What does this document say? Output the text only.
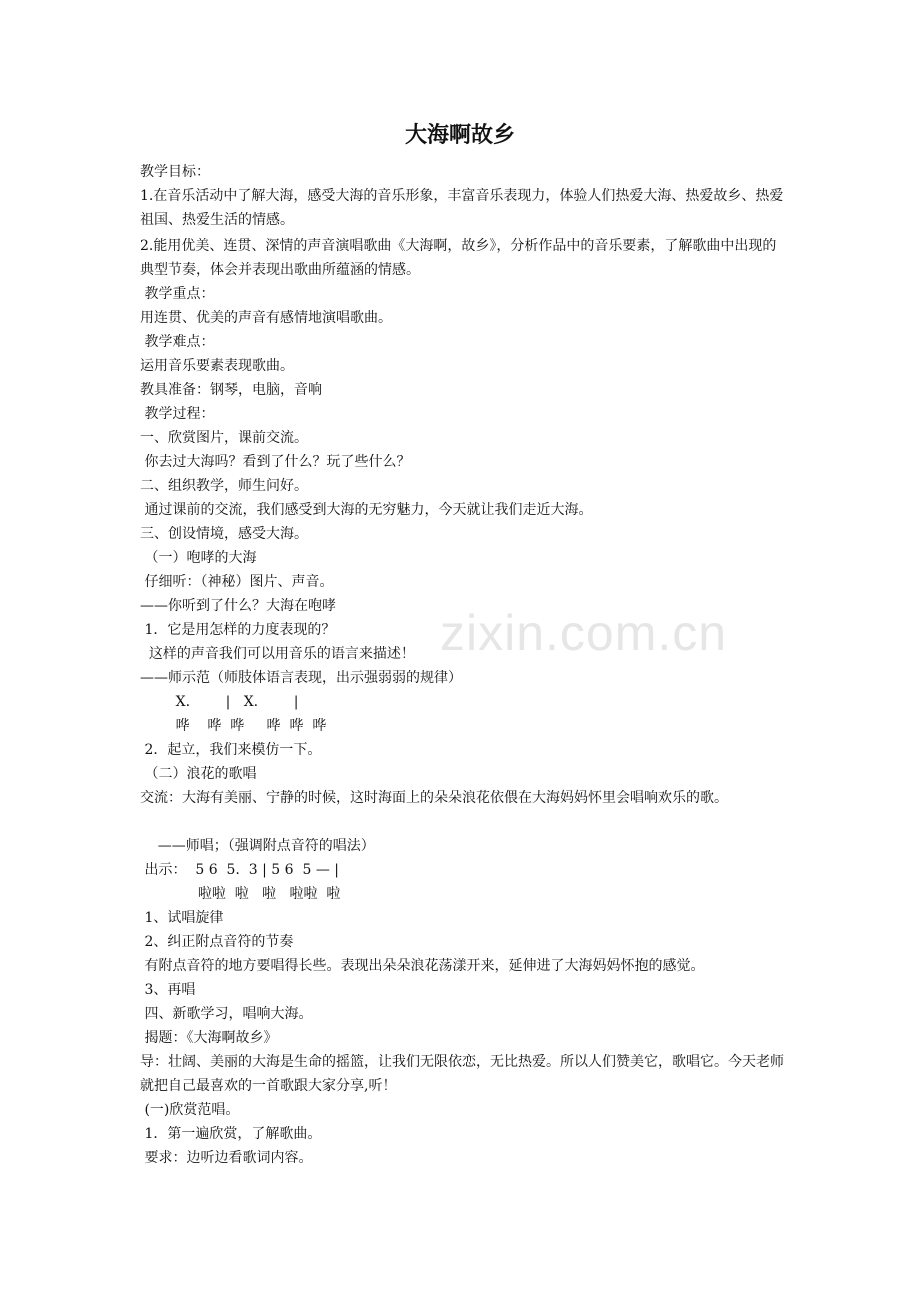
zixin.com.cn
大海啊故乡

教学目标：

1.在音乐活动中了解大海，感受大海的音乐形象，丰富音乐表现力，体验人们热爱大海、热爱故乡、热爱祖国、热爱生活的情感。

2.能用优美、连贯、深情的声音演唱歌曲《大海啊，故乡》，分析作品中的音乐要素，了解歌曲中出现的典型节奏，体会并表现出歌曲所蕴涵的情感。

教学重点：

用连贯、优美的声音有感情地演唱歌曲。

教学难点：

运用音乐要素表现歌曲。

教具准备：钢琴，电脑，音响

教学过程：

一、欣赏图片，课前交流。

你去过大海吗？看到了什么？玩了些什么？

二、组织教学，师生问好。

通过课前的交流，我们感受到大海的无穷魅力，今天就让我们走近大海。

三、创设情境，感受大海。

（一）咆哮的大海

仔细听：（神秘）图片、声音。

——你听到了什么？大海在咆哮

1．它是用怎样的力度表现的？

这样的声音我们可以用音乐的语言来描述！

——师示范（师肢体语言表现，出示强弱弱的规律）

X.        |   X.        |

哗    哗  哗     哗  哗  哗

2．起立，我们来模仿一下。

（二）浪花的歌唱

交流：大海有美丽、宁静的时候，这时海面上的朵朵浪花依偎在大海妈妈怀里会唱响欢乐的歌。

——师唱；（强调附点音符的唱法）

出示：  5 6  5.  3 | 5 6  5 — |

啦啦  啦   啦   啦啦  啦

1、试唱旋律

2、纠正附点音符的节奏

有附点音符的地方要唱得长些。表现出朵朵浪花荡漾开来，延伸进了大海妈妈怀抱的感觉。

3、再唱

四、新歌学习，唱响大海。

揭题：《大海啊故乡》

导：壮阔、美丽的大海是生命的摇篮，让我们无限依恋，无比热爱。所以人们赞美它，歌唱它。今天老师就把自己最喜欢的一首歌跟大家分享,听！

(一)欣赏范唱。

1．第一遍欣赏，了解歌曲。

要求：边听边看歌词内容。
